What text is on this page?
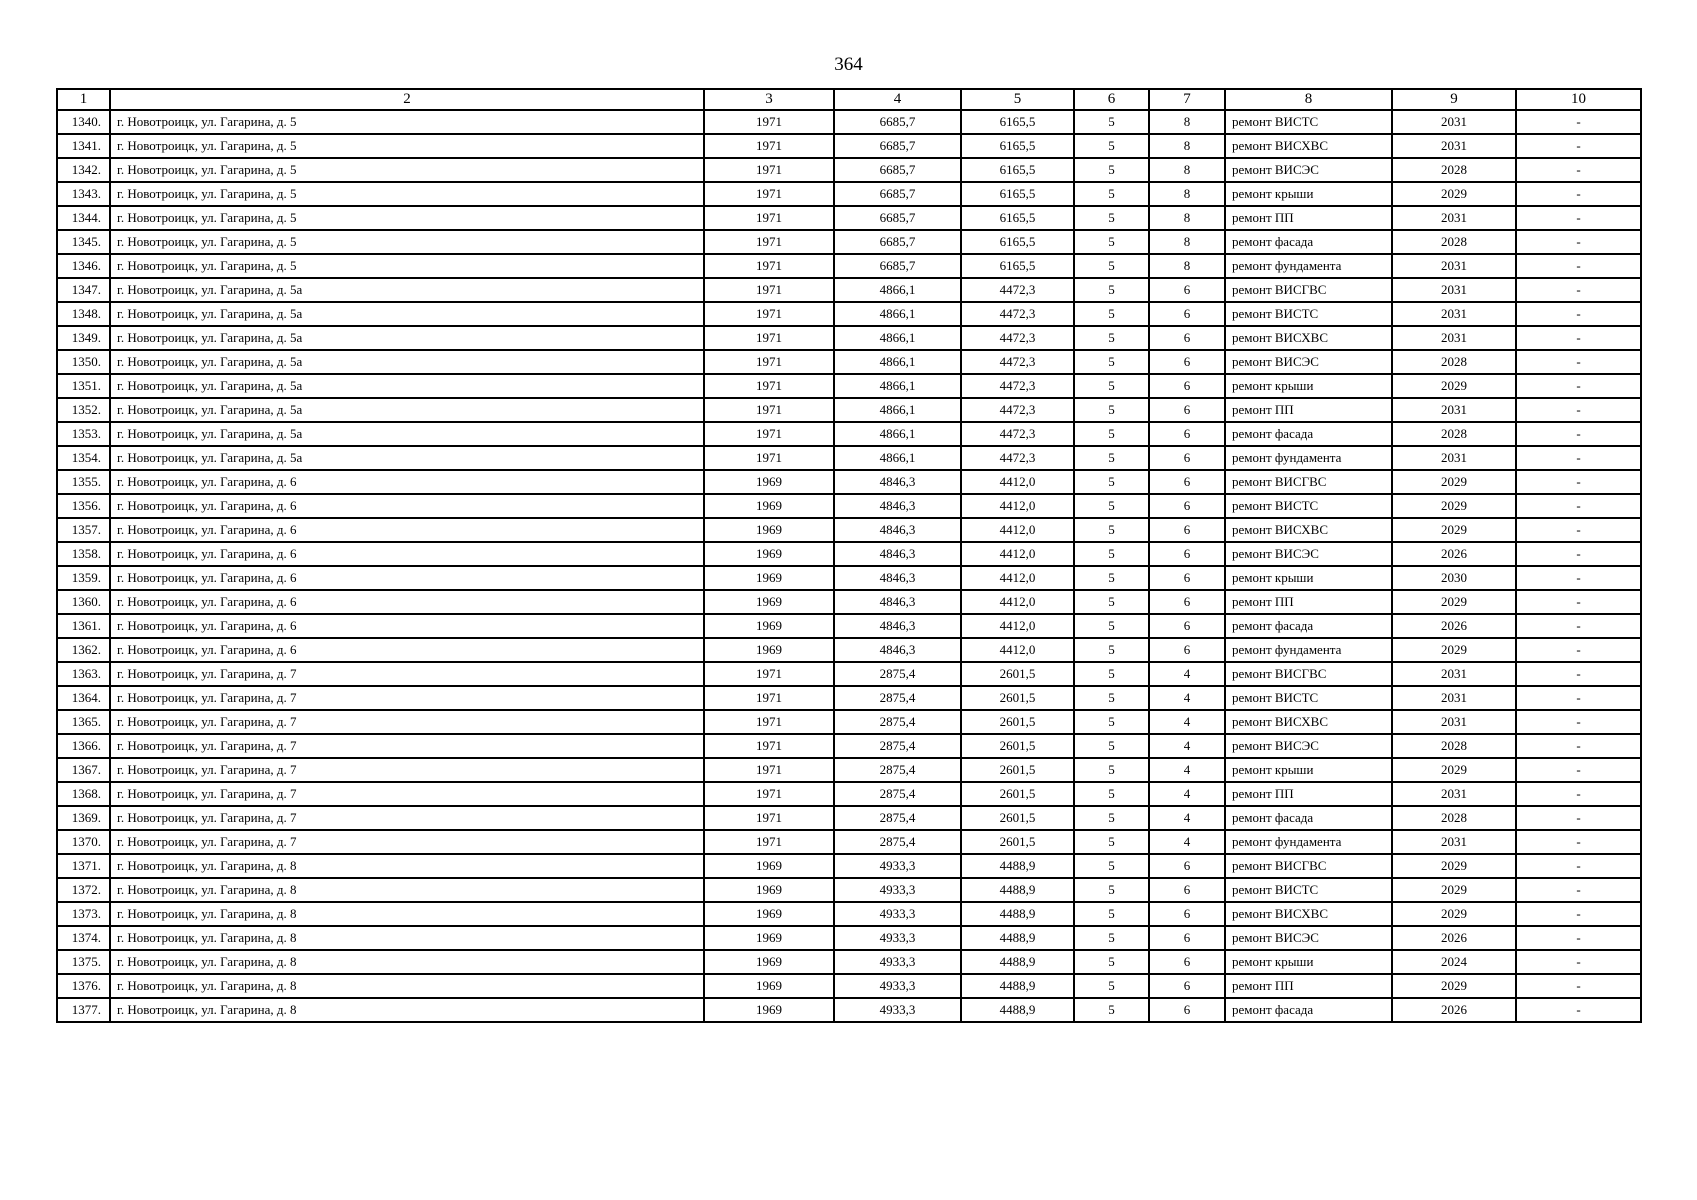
364
1	2	3	4	5	6	7	8	9	10
1340.	г. Новотроицк, ул. Гагарина, д. 5	1971	6685,7	6165,5	5	8	ремонт ВИСТС	2031	-
1341.	г. Новотроицк, ул. Гагарина, д. 5	1971	6685,7	6165,5	5	8	ремонт ВИСХВС	2031	-
1342.	г. Новотроицк, ул. Гагарина, д. 5	1971	6685,7	6165,5	5	8	ремонт ВИСЭС	2028	-
1343.	г. Новотроицк, ул. Гагарина, д. 5	1971	6685,7	6165,5	5	8	ремонт крыши	2029	-
1344.	г. Новотроицк, ул. Гагарина, д. 5	1971	6685,7	6165,5	5	8	ремонт ПП	2031	-
1345.	г. Новотроицк, ул. Гагарина, д. 5	1971	6685,7	6165,5	5	8	ремонт фасада	2028	-
1346.	г. Новотроицк, ул. Гагарина, д. 5	1971	6685,7	6165,5	5	8	ремонт фундамента	2031	-
1347.	г. Новотроицк, ул. Гагарина, д. 5а	1971	4866,1	4472,3	5	6	ремонт ВИСГВС	2031	-
1348.	г. Новотроицк, ул. Гагарина, д. 5а	1971	4866,1	4472,3	5	6	ремонт ВИСТС	2031	-
1349.	г. Новотроицк, ул. Гагарина, д. 5а	1971	4866,1	4472,3	5	6	ремонт ВИСХВС	2031	-
1350.	г. Новотроицк, ул. Гагарина, д. 5а	1971	4866,1	4472,3	5	6	ремонт ВИСЭС	2028	-
1351.	г. Новотроицк, ул. Гагарина, д. 5а	1971	4866,1	4472,3	5	6	ремонт крыши	2029	-
1352.	г. Новотроицк, ул. Гагарина, д. 5а	1971	4866,1	4472,3	5	6	ремонт ПП	2031	-
1353.	г. Новотроицк, ул. Гагарина, д. 5а	1971	4866,1	4472,3	5	6	ремонт фасада	2028	-
1354.	г. Новотроицк, ул. Гагарина, д. 5а	1971	4866,1	4472,3	5	6	ремонт фундамента	2031	-
1355.	г. Новотроицк, ул. Гагарина, д. 6	1969	4846,3	4412,0	5	6	ремонт ВИСГВС	2029	-
1356.	г. Новотроицк, ул. Гагарина, д. 6	1969	4846,3	4412,0	5	6	ремонт ВИСТС	2029	-
1357.	г. Новотроицк, ул. Гагарина, д. 6	1969	4846,3	4412,0	5	6	ремонт ВИСХВС	2029	-
1358.	г. Новотроицк, ул. Гагарина, д. 6	1969	4846,3	4412,0	5	6	ремонт ВИСЭС	2026	-
1359.	г. Новотроицк, ул. Гагарина, д. 6	1969	4846,3	4412,0	5	6	ремонт крыши	2030	-
1360.	г. Новотроицк, ул. Гагарина, д. 6	1969	4846,3	4412,0	5	6	ремонт ПП	2029	-
1361.	г. Новотроицк, ул. Гагарина, д. 6	1969	4846,3	4412,0	5	6	ремонт фасада	2026	-
1362.	г. Новотроицк, ул. Гагарина, д. 6	1969	4846,3	4412,0	5	6	ремонт фундамента	2029	-
1363.	г. Новотроицк, ул. Гагарина, д. 7	1971	2875,4	2601,5	5	4	ремонт ВИСГВС	2031	-
1364.	г. Новотроицк, ул. Гагарина, д. 7	1971	2875,4	2601,5	5	4	ремонт ВИСТС	2031	-
1365.	г. Новотроицк, ул. Гагарина, д. 7	1971	2875,4	2601,5	5	4	ремонт ВИСХВС	2031	-
1366.	г. Новотроицк, ул. Гагарина, д. 7	1971	2875,4	2601,5	5	4	ремонт ВИСЭС	2028	-
1367.	г. Новотроицк, ул. Гагарина, д. 7	1971	2875,4	2601,5	5	4	ремонт крыши	2029	-
1368.	г. Новотроицк, ул. Гагарина, д. 7	1971	2875,4	2601,5	5	4	ремонт ПП	2031	-
1369.	г. Новотроицк, ул. Гагарина, д. 7	1971	2875,4	2601,5	5	4	ремонт фасада	2028	-
1370.	г. Новотроицк, ул. Гагарина, д. 7	1971	2875,4	2601,5	5	4	ремонт фундамента	2031	-
1371.	г. Новотроицк, ул. Гагарина, д. 8	1969	4933,3	4488,9	5	6	ремонт ВИСГВС	2029	-
1372.	г. Новотроицк, ул. Гагарина, д. 8	1969	4933,3	4488,9	5	6	ремонт ВИСТС	2029	-
1373.	г. Новотроицк, ул. Гагарина, д. 8	1969	4933,3	4488,9	5	6	ремонт ВИСХВС	2029	-
1374.	г. Новотроицк, ул. Гагарина, д. 8	1969	4933,3	4488,9	5	6	ремонт ВИСЭС	2026	-
1375.	г. Новотроицк, ул. Гагарина, д. 8	1969	4933,3	4488,9	5	6	ремонт крыши	2024	-
1376.	г. Новотроицк, ул. Гагарина, д. 8	1969	4933,3	4488,9	5	6	ремонт ПП	2029	-
1377.	г. Новотроицк, ул. Гагарина, д. 8	1969	4933,3	4488,9	5	6	ремонт фасада	2026	-
